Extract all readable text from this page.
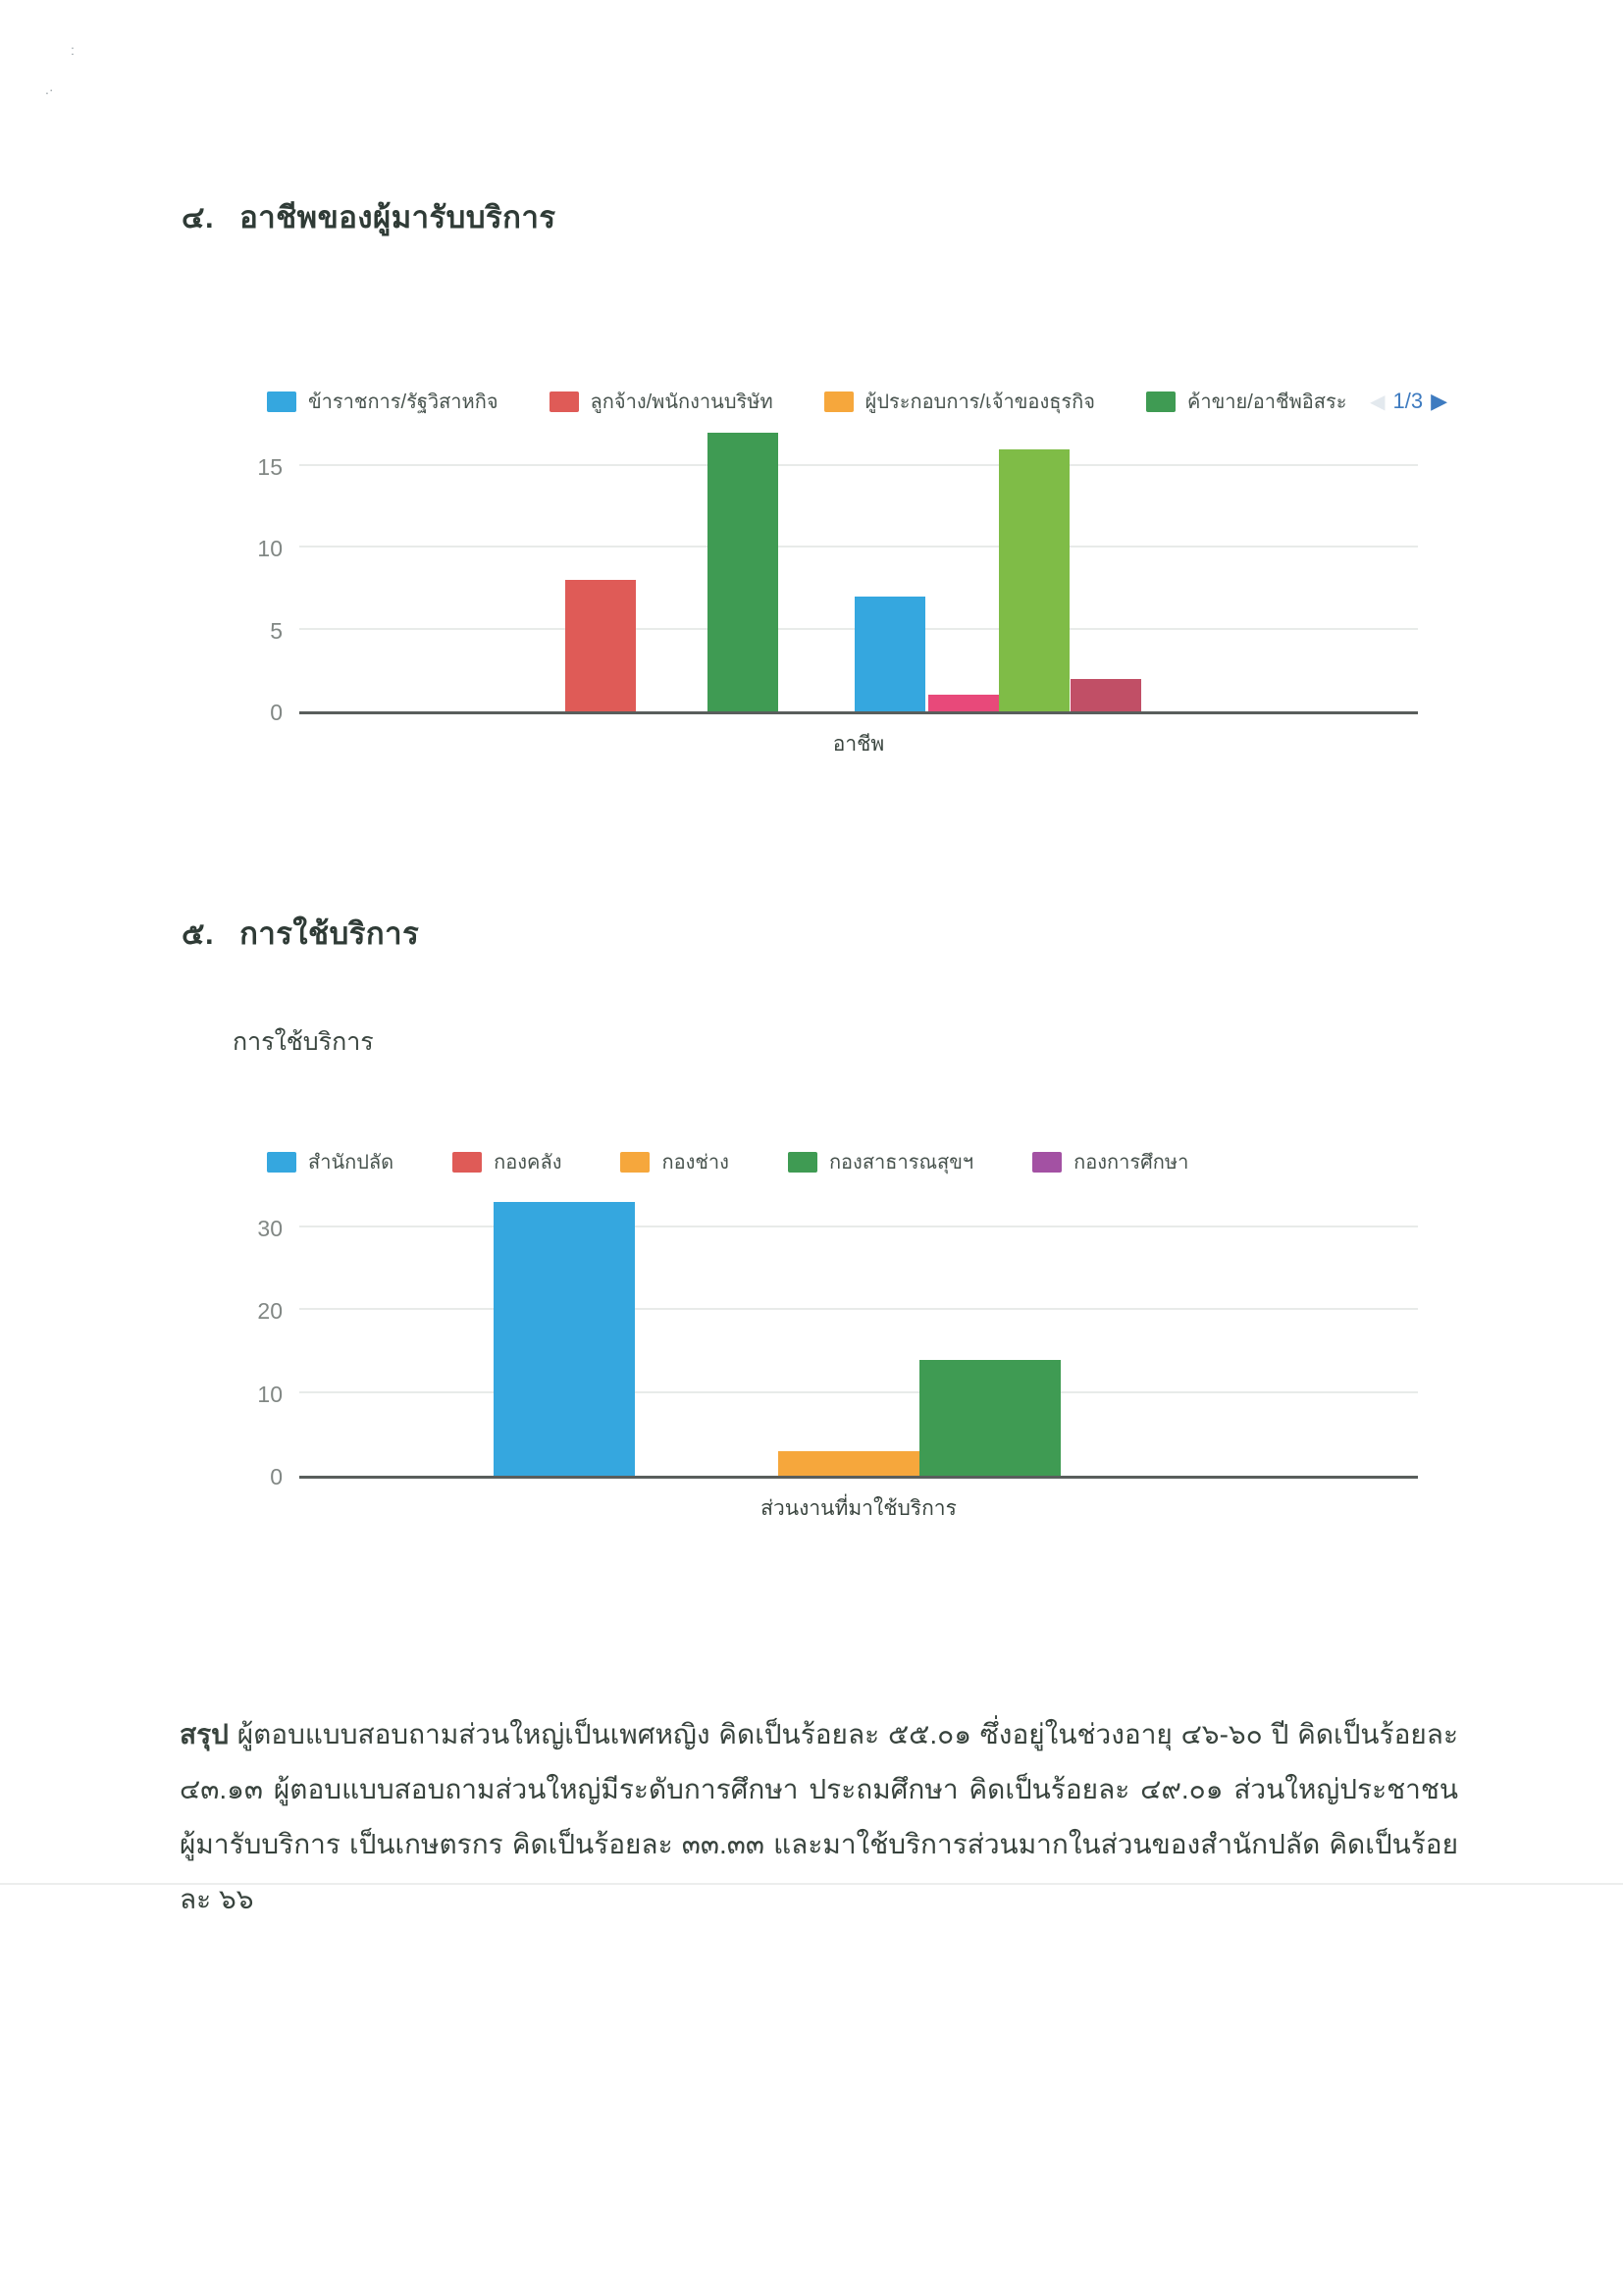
:
.·
๔. อาชีพของผู้มารับบริการ
ข้าราชการ/รัฐวิสาหกิจ	ลูกจ้าง/พนักงานบริษัท	ผู้ประกอบการ/เจ้าของธุรกิจ	ค้าขาย/อาชีพอิสระ ◀ 1/3 ▶
0
5
10
15
อาชีพ
๕. การใช้บริการ
การใช้บริการ
สำนักปลัด	กองคลัง	กองช่าง	กองสาธารณสุขฯ	กองการศึกษา
0
10
20
30
ส่วนงานที่มาใช้บริการ

สรุป ผู้ตอบแบบสอบถามส่วนใหญ่เป็นเพศหญิง คิดเป็นร้อยละ ๕๕.๐๑ ซึ่งอยู่ในช่วงอายุ ๔๖-๖๐ ปี คิดเป็นร้อยละ ๔๓.๑๓ ผู้ตอบแบบสอบถามส่วนใหญ่มีระดับการศึกษา ประถมศึกษา คิดเป็นร้อยละ ๔๙.๐๑ ส่วนใหญ่ประชาชนผู้มารับบริการ เป็นเกษตรกร คิดเป็นร้อยละ ๓๓.๓๓ และมาใช้บริการส่วนมากในส่วนของสำนักปลัด คิดเป็นร้อยละ ๖๖
